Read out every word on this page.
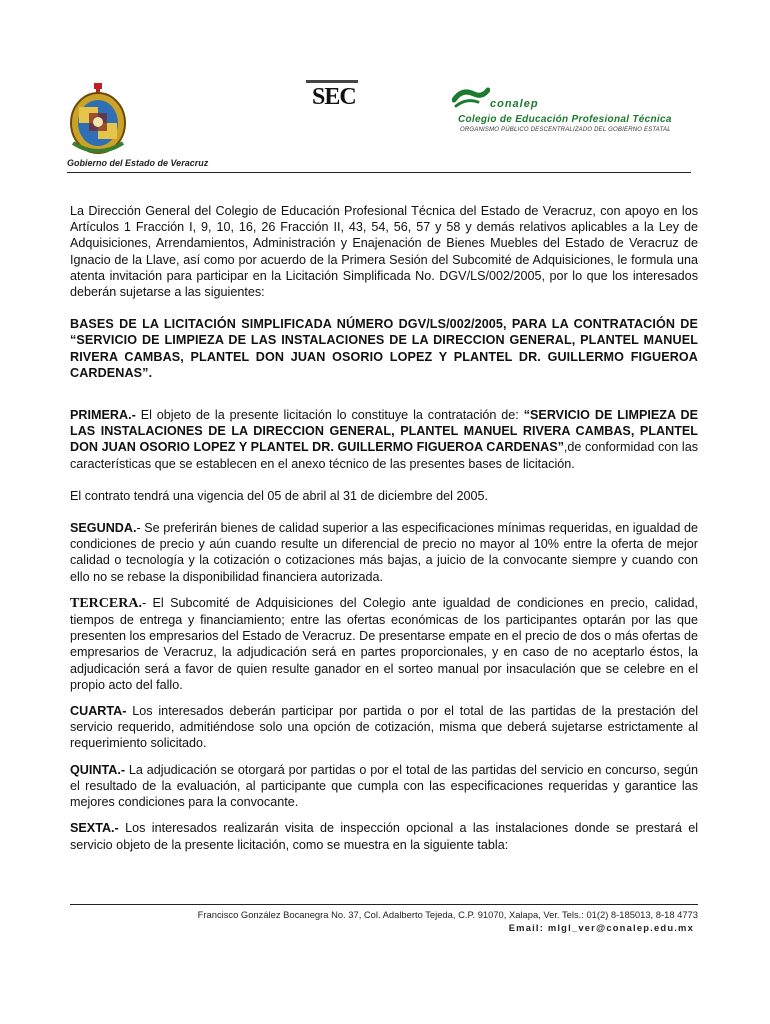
Gobierno del Estado de Veracruz
SEC	conalep
Colegio de Educación Profesional Técnica
ORGANISMO PÚBLICO DESCENTRALIZADO DEL GOBIERNO ESTATAL

La Dirección General del Colegio de Educación Profesional Técnica del Estado de Veracruz, con apoyo en los Artículos 1 Fracción I, 9, 10, 16, 26 Fracción II, 43, 54, 56, 57 y 58 y demás relativos aplicables a la Ley de Adquisiciones, Arrendamientos, Administración y Enajenación de Bienes Muebles del Estado de Veracruz de Ignacio de la Llave, así como por acuerdo de la Primera Sesión del Subcomité de Adquisiciones, le formula una atenta invitación para participar en la Licitación Simplificada No. DGV/LS/002/2005, por lo que los interesados deberán sujetarse a las siguientes:

BASES DE LA LICITACIÓN SIMPLIFICADA NÚMERO DGV/LS/002/2005, PARA LA CONTRATACIÓN DE “SERVICIO DE LIMPIEZA DE LAS INSTALACIONES DE LA DIRECCION GENERAL, PLANTEL MANUEL RIVERA CAMBAS, PLANTEL DON JUAN OSORIO LOPEZ Y PLANTEL DR. GUILLERMO FIGUEROA CARDENAS”.

PRIMERA.- El objeto de la presente licitación lo constituye la contratación de: “SERVICIO DE LIMPIEZA DE LAS INSTALACIONES DE LA DIRECCION GENERAL, PLANTEL MANUEL RIVERA CAMBAS, PLANTEL DON JUAN OSORIO LOPEZ Y PLANTEL DR. GUILLERMO FIGUEROA CARDENAS”,de conformidad con las características que se establecen en el anexo técnico de las presentes bases de licitación.

El contrato tendrá una vigencia del 05 de abril al 31 de diciembre del 2005.

SEGUNDA.- Se preferirán bienes de calidad superior a las especificaciones mínimas requeridas, en igualdad de condiciones de precio y aún cuando resulte un diferencial de precio no mayor al 10% entre la oferta de mejor calidad o tecnología y la cotización o cotizaciones más bajas, a juicio de la convocante siempre y cuando con ello no se rebase la disponibilidad financiera autorizada.

TERCERA.- El Subcomité de Adquisiciones del Colegio ante igualdad de condiciones en precio, calidad, tiempos de entrega y financiamiento; entre las ofertas económicas de los participantes optarán por las que presenten los empresarios del Estado de Veracruz. De presentarse empate en el precio de dos o más ofertas de empresarios de Veracruz, la adjudicación será en partes proporcionales, y en caso de no aceptarlo éstos, la adjudicación será a favor de quien resulte ganador en el sorteo manual por insaculación que se celebre en el propio acto del fallo.

CUARTA- Los interesados deberán participar por partida o por el total de las partidas de la prestación del servicio requerido, admitiéndose solo una opción de cotización, misma que deberá sujetarse estrictamente al requerimiento solicitado.

QUINTA.- La adjudicación se otorgará por partidas o por el total de las partidas del servicio en concurso, según el resultado de la evaluación, al participante que cumpla con las especificaciones requeridas y garantice las mejores condiciones para la convocante.

SEXTA.- Los interesados realizarán visita de inspección opcional a las instalaciones donde se prestará el servicio objeto de la presente licitación, como se muestra en la siguiente tabla:

Francisco González Bocanegra No. 37, Col. Adalberto Tejeda, C.P. 91070, Xalapa, Ver. Tels.: 01(2) 8-185013, 8-18 4773
Email: mlgl_ver@conalep.edu.mx
